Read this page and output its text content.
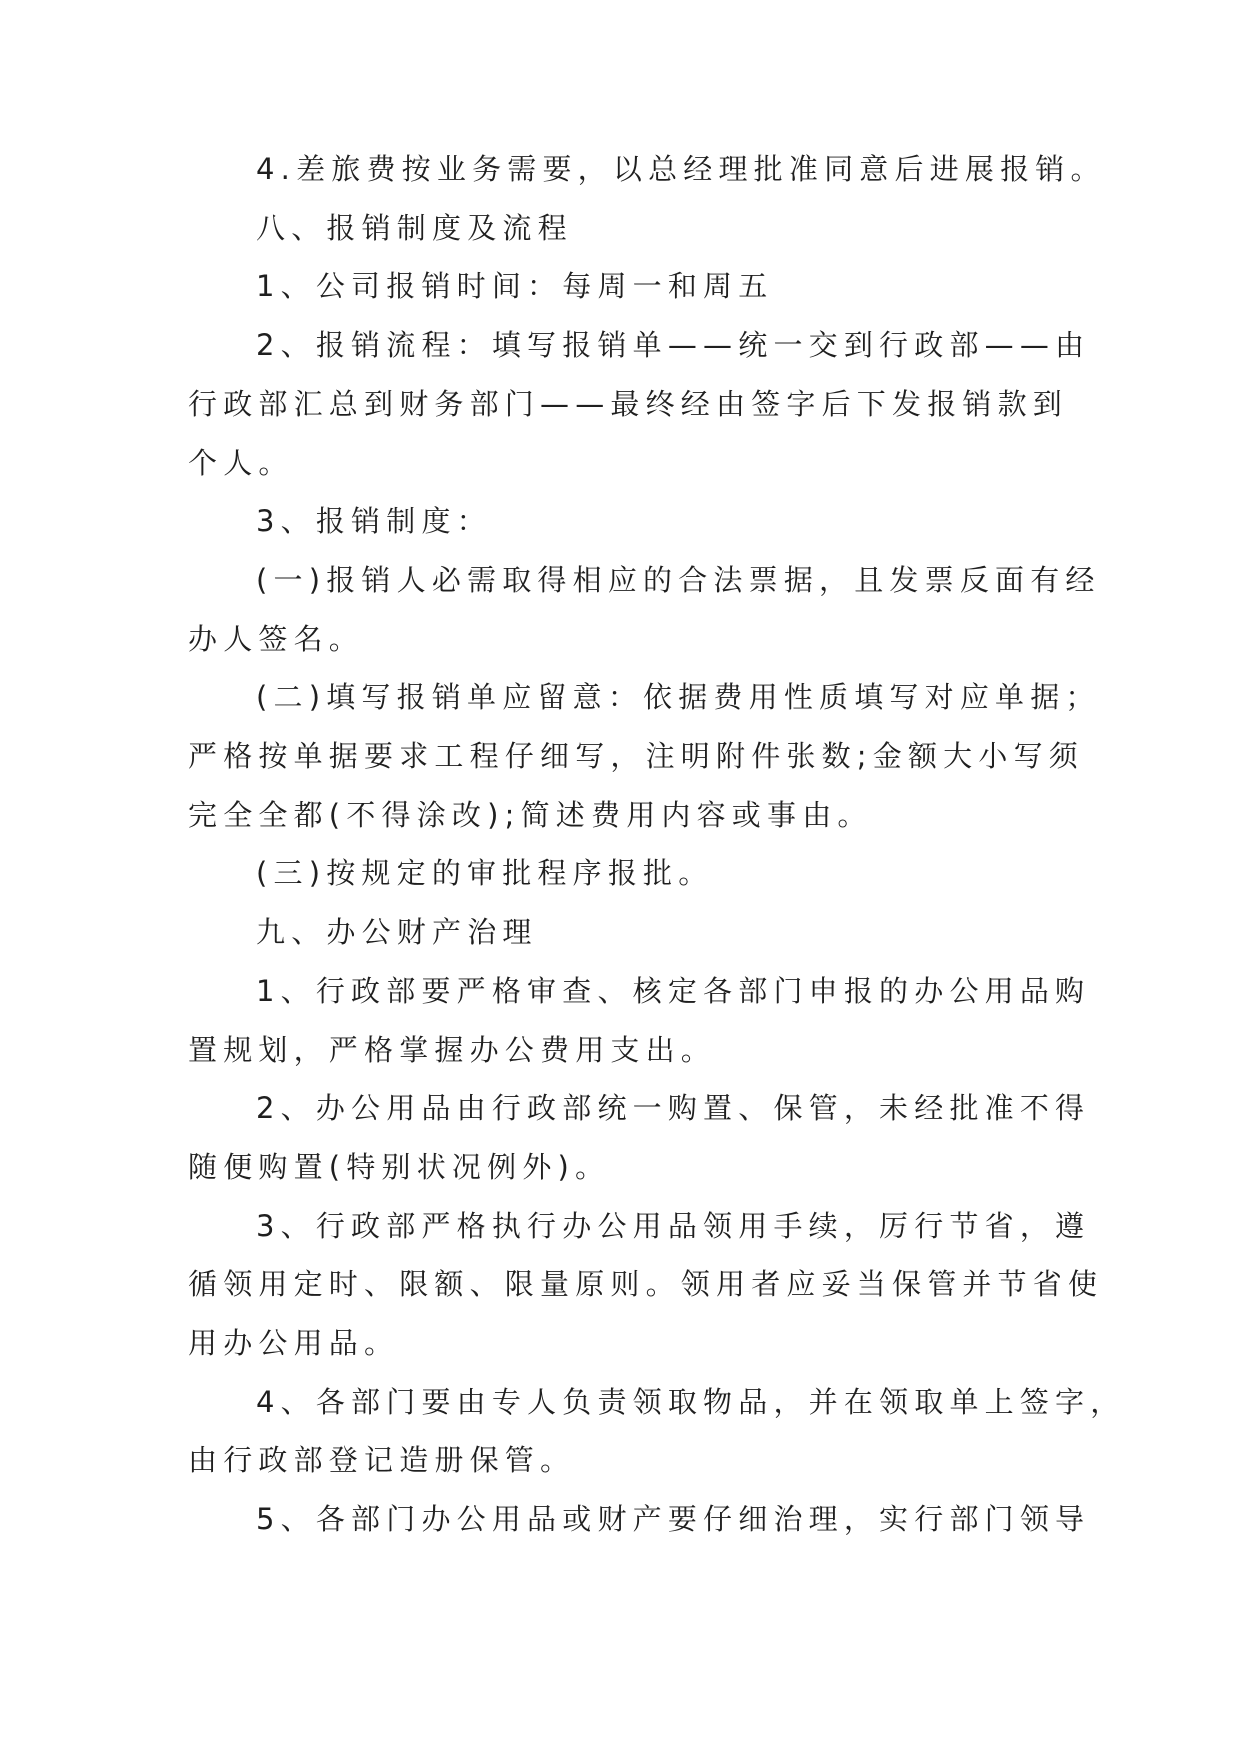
4.差旅费按业务需要，以总经理批准同意后进展报销。
八、报销制度及流程
1、公司报销时间：每周一和周五
2、报销流程：填写报销单——统一交到行政部——由
行政部汇总到财务部门——最终经由签字后下发报销款到
个人。
3、报销制度：
(一)报销人必需取得相应的合法票据，且发票反面有经
办人签名。
(二)填写报销单应留意：依据费用性质填写对应单据；
严格按单据要求工程仔细写，注明附件张数;金额大小写须
完全全都(不得涂改);简述费用内容或事由。
(三)按规定的审批程序报批。
九、办公财产治理
1、行政部要严格审查、核定各部门申报的办公用品购
置规划，严格掌握办公费用支出。
2、办公用品由行政部统一购置、保管，未经批准不得
随便购置(特别状况例外)。
3、行政部严格执行办公用品领用手续，厉行节省，遵
循领用定时、限额、限量原则。领用者应妥当保管并节省使
用办公用品。
4、各部门要由专人负责领取物品，并在领取单上签字，
由行政部登记造册保管。
5、各部门办公用品或财产要仔细治理，实行部门领导
